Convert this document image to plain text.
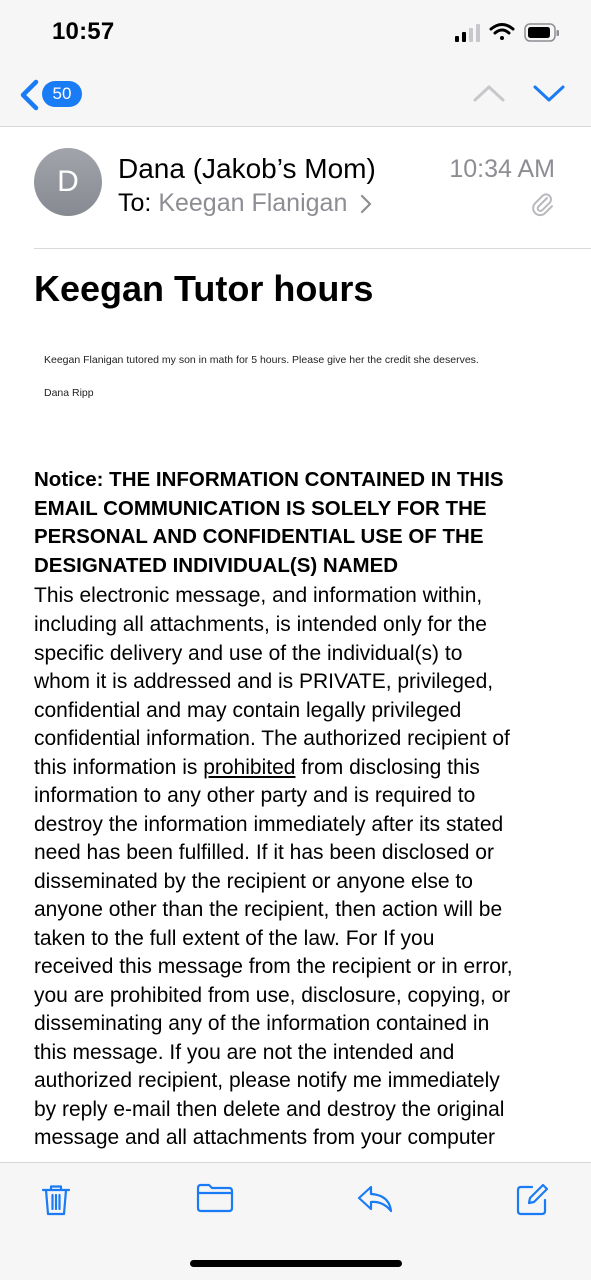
10:57
50
D	Dana (Jakob’s Mom)
To: Keegan Flanigan
10:34 AM
Keegan Tutor hours
Keegan Flanigan tutored my son in math for 5 hours. Please give her the credit she deserves.
Dana Ripp
Notice: THE INFORMATION CONTAINED IN THIS EMAIL COMMUNICATION IS SOLELY FOR THE PERSONAL AND CONFIDENTIAL USE OF THE DESIGNATED INDIVIDUAL(S) NAMED
This electronic message, and information within,
including all attachments, is intended only for the
specific delivery and use of the individual(s) to
whom it is addressed and is PRIVATE, privileged,
confidential and may contain legally privileged
confidential information. The authorized recipient of
this information is prohibited from disclosing this
information to any other party and is required to
destroy the information immediately after its stated
need has been fulfilled. If it has been disclosed or
disseminated by the recipient or anyone else to
anyone other than the recipient, then action will be
taken to the full extent of the law. For If you
received this message from the recipient or in error,
you are prohibited from use, disclosure, copying, or
disseminating any of the information contained in
this message. If you are not the intended and
authorized recipient, please notify me immediately
by reply e-mail then delete and destroy the original
message and all attachments from your computer
